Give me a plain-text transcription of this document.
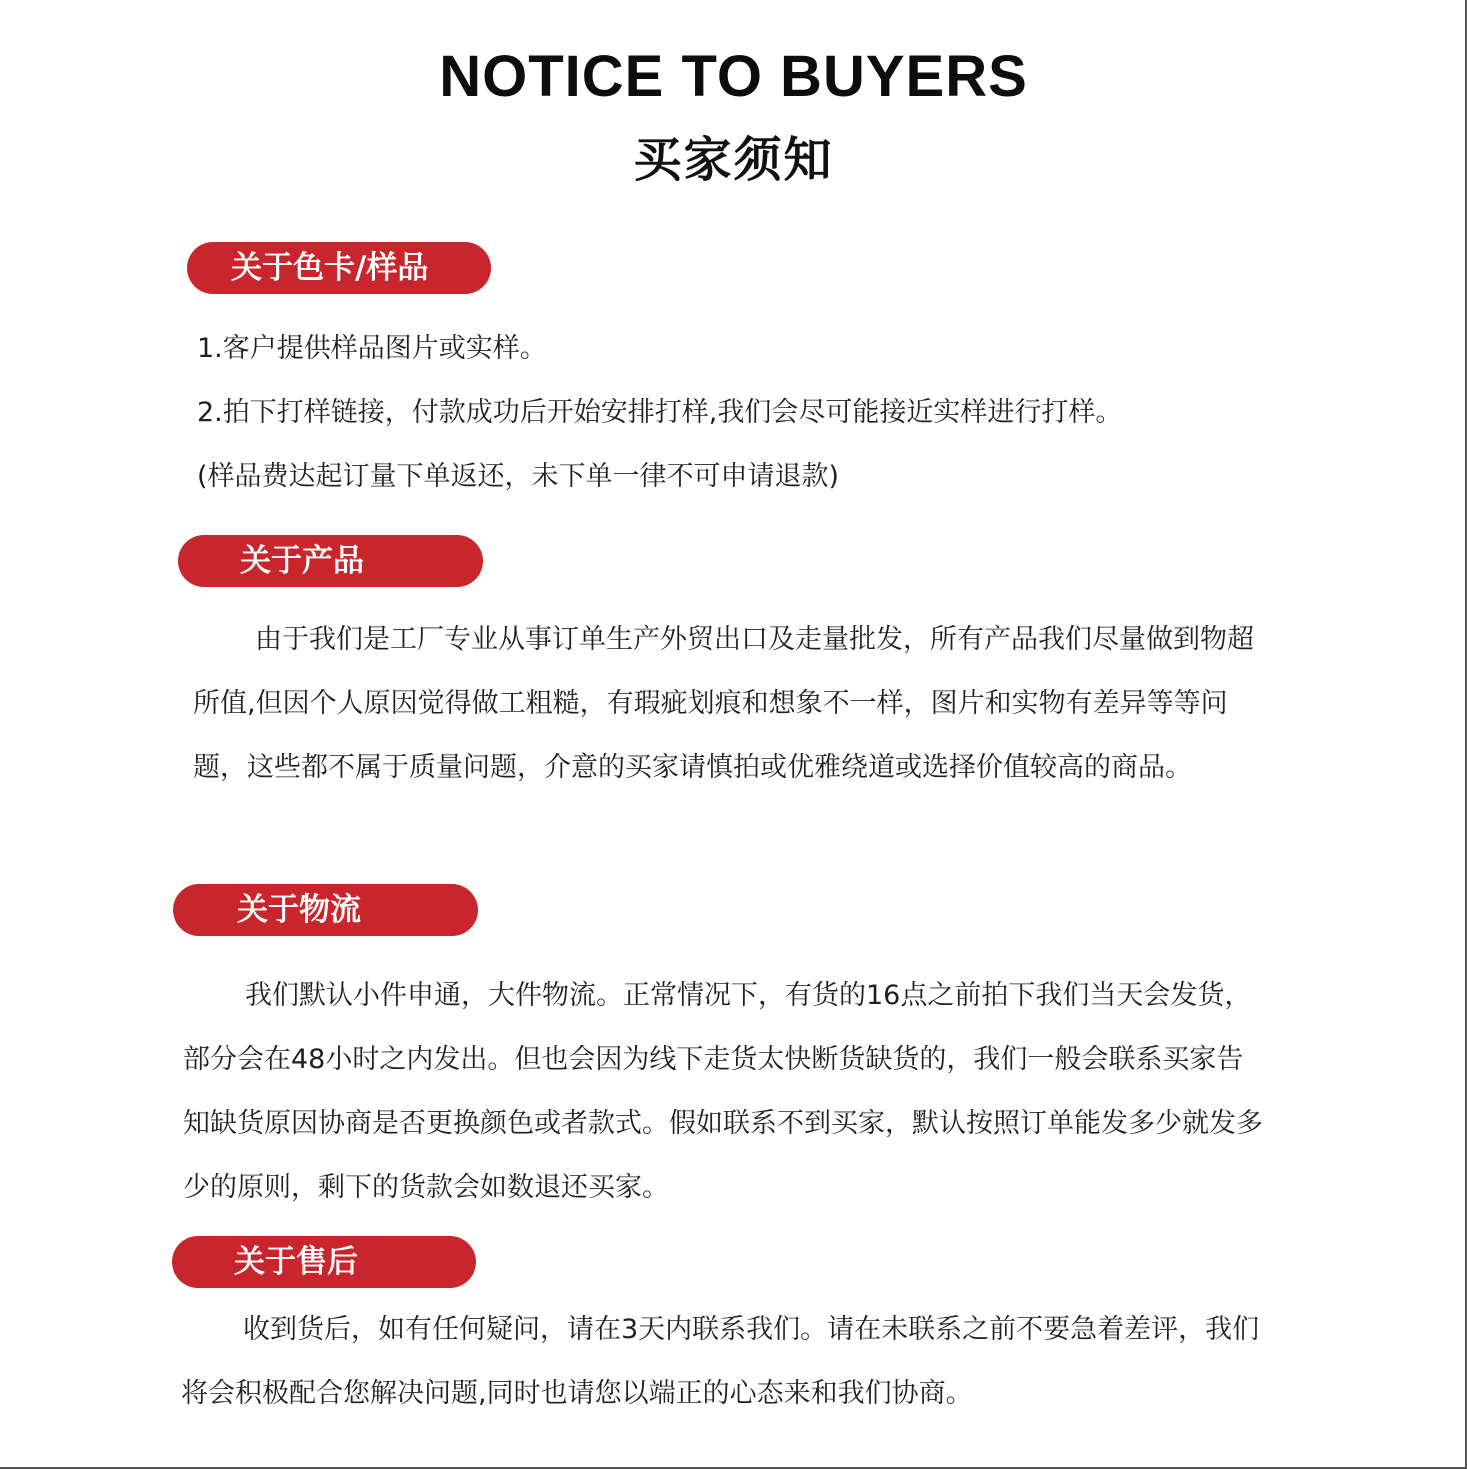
NOTICE TO BUYERS
买家须知
关于色卡/样品

1.客户提供样品图片或实样。

2.拍下打样链接，付款成功后开始安排打样,我们会尽可能接近实样进行打样。

(样品费达起订量下单返还，未下单一律不可申请退款)

关于产品

由于我们是工厂专业从事订单生产外贸出口及走量批发，所有产品我们尽量做到物超所值,但因个人原因觉得做工粗糙，有瑕疵划痕和想象不一样，图片和实物有差异等等问题，这些都不属于质量问题，介意的买家请慎拍或优雅绕道或选择价值较高的商品。

关于物流

我们默认小件申通，大件物流。正常情况下，有货的16点之前拍下我们当天会发货，部分会在48小时之内发出。但也会因为线下走货太快断货缺货的，我们一般会联系买家告知缺货原因协商是否更换颜色或者款式。假如联系不到买家，默认按照订单能发多少就发多少的原则，剩下的货款会如数退还买家。

关于售后

收到货后，如有任何疑问，请在3天内联系我们。请在未联系之前不要急着差评，我们将会积极配合您解决问题,同时也请您以端正的心态来和我们协商。
